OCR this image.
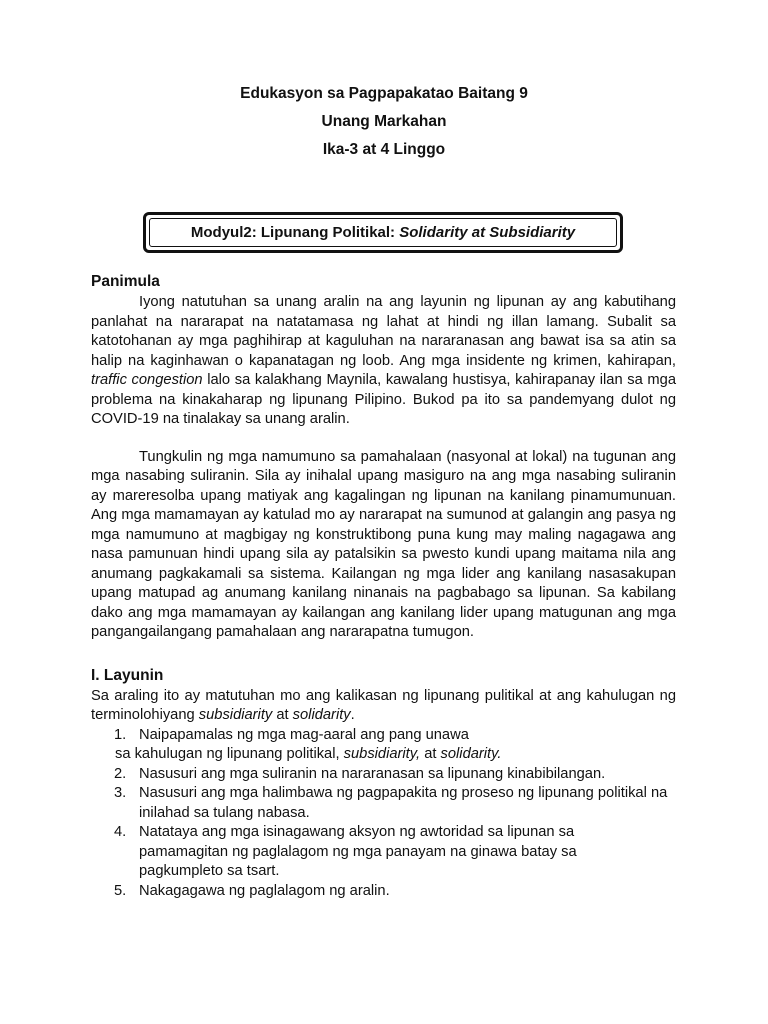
Edukasyon sa Pagpapakatao Baitang 9
Unang Markahan
Ika-3 at 4 Linggo
Modyul2: Lipunang Politikal: Solidarity at Subsidiarity
Panimula

Iyong natutuhan sa unang aralin na ang layunin ng lipunan ay ang kabutihang panlahat na nararapat na natatamasa ng lahat at hindi ng illan lamang. Subalit sa katotohanan ay mga paghihirap at kaguluhan na nararanasan ang bawat isa sa atin sa halip na kaginhawan o kapanatagan ng loob. Ang mga insidente ng krimen, kahirapan, traffic congestion lalo sa kalakhang Maynila, kawalang hustisya, kahirapanay ilan sa mga problema na kinakaharap ng lipunang Pilipino. Bukod pa ito sa pandemyang dulot ng COVID-19 na tinalakay sa unang aralin.

Tungkulin ng mga namumuno sa pamahalaan (nasyonal at lokal) na tugunan ang mga nasabing suliranin. Sila ay inihalal upang masiguro na ang mga nasabing suliranin ay mareresolba upang matiyak ang kagalingan ng lipunan na kanilang pinamumunuan. Ang mga mamamayan ay katulad mo ay nararapat na sumunod at galangin ang pasya ng mga namumuno at magbigay ng konstruktibong puna kung may maling nagagawa ang nasa pamunuan hindi upang sila ay patalsikin sa pwesto kundi upang maitama nila ang anumang pagkakamali sa sistema. Kailangan ng mga lider ang kanilang nasasakupan upang matupad ag anumang kanilang ninanais na pagbabago sa lipunan. Sa kabilang dako ang mga mamamayan ay kailangan ang kanilang lider upang matugunan ang mga pangangailangang pamahalaan ang nararapatna tumugon.

I. Layunin

Sa araling ito ay matutuhan mo ang kalikasan ng lipunang pulitikal at ang kahulugan ng terminolohiyang subsidiarity at solidarity.

1. Naipapamalas ng mga mag-aaral ang pang unawa
sa kahulugan ng lipunang politikal, subsidiarity, at solidarity.
2. Nasusuri ang mga suliranin na nararanasan sa lipunang kinabibilangan.
3. Nasusuri ang mga halimbawa ng pagpapakita ng proseso ng lipunang politikal na inilahad sa tulang nabasa.
4. Natataya ang mga isinagawang aksyon ng awtoridad sa lipunan sa pamamagitan ng paglalagom ng mga panayam na ginawa batay sa pagkumpleto sa tsart.
5. Nakagagawa ng paglalagom ng aralin.
